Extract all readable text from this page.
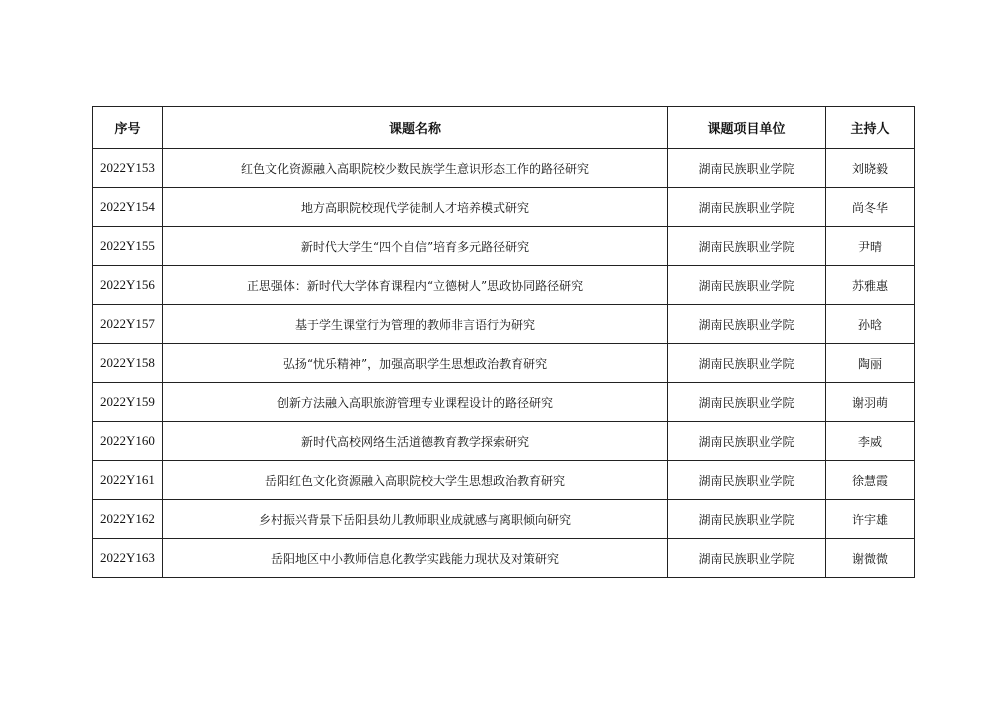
序号	课题名称	课题项目单位	主持人
2022Y153	红色文化资源融入高职院校少数民族学生意识形态工作的路径研究	湖南民族职业学院	刘晓毅
2022Y154	地方高职院校现代学徒制人才培养模式研究	湖南民族职业学院	尚冬华
2022Y155	新时代大学生“四个自信”培育多元路径研究	湖南民族职业学院	尹晴
2022Y156	正思强体：新时代大学体育课程内“立德树人”思政协同路径研究	湖南民族职业学院	苏雅惠
2022Y157	基于学生课堂行为管理的教师非言语行为研究	湖南民族职业学院	孙晗
2022Y158	弘扬“忧乐精神”，加强高职学生思想政治教育研究	湖南民族职业学院	陶丽
2022Y159	创新方法融入高职旅游管理专业课程设计的路径研究	湖南民族职业学院	谢羽萌
2022Y160	新时代高校网络生活道德教育教学探索研究	湖南民族职业学院	李威
2022Y161	岳阳红色文化资源融入高职院校大学生思想政治教育研究	湖南民族职业学院	徐慧霞
2022Y162	乡村振兴背景下岳阳县幼儿教师职业成就感与离职倾向研究	湖南民族职业学院	许宇雄
2022Y163	岳阳地区中小教师信息化教学实践能力现状及对策研究	湖南民族职业学院	谢微微
